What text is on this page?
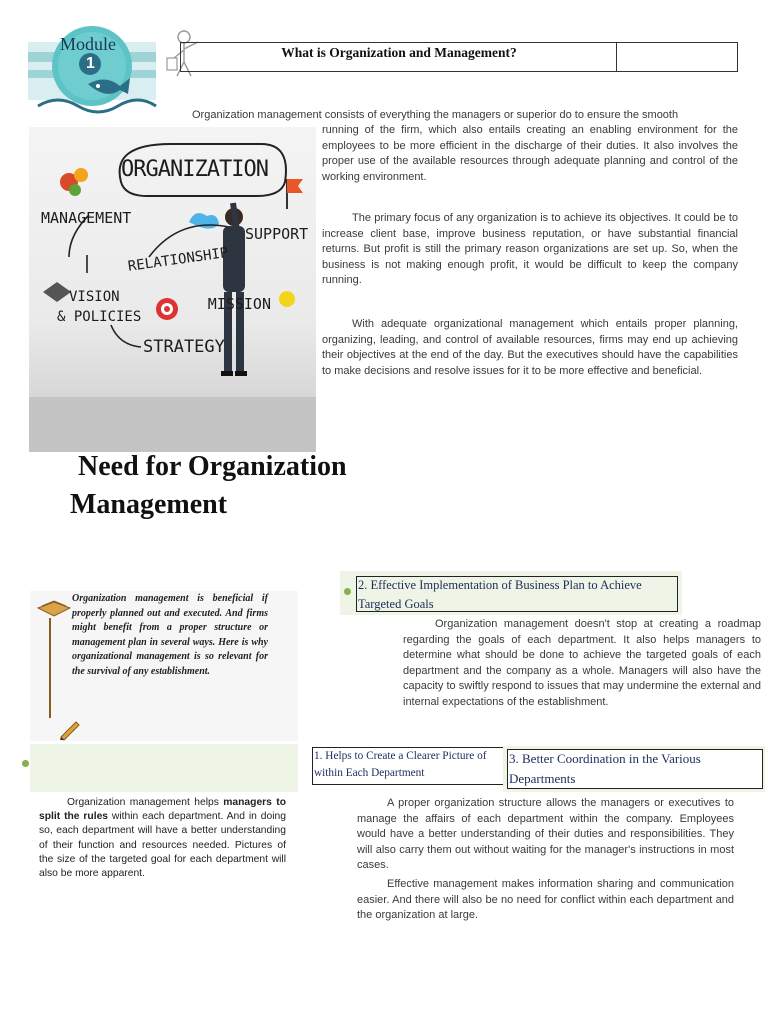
Module
1
What is Organization and Management?

Organization management consists of everything the managers or superior do to ensure the smooth

running of the firm, which also entails creating an enabling environment for the employees to be more efficient in the discharge of their duties. It also involves the proper use of the available resources through adequate planning and control of the working environment.

The primary focus of any organization is to achieve its objectives. It could be to increase client base, improve business reputation, or have substantial financial returns. But profit is still the primary reason organizations are set up. So, when the business is not making enough profit, it would be difficult to keep the company running.

With adequate organizational management which entails proper planning, organizing, leading, and control of available resources, firms may end up achieving their objectives at the end of the day. But the executives should have the capabilities to make decisions and resolve issues for it to be more effective and beneficial.

ORGANIZATION
MANAGEMENT
SUPPORT
RELATIONSHIP
VISION
& POLICIES
STRATEGY
MISSION
Need for Organization
Management

Organization management is beneficial if properly planned out and executed. And firms might benefit from a proper structure or management plan in several ways. Here is why organizational management is so relevant for the survival of any establishment.

Organization management helps managers to split the rules within each department. And in doing so, each department will have a better understanding of their function and resources needed. Pictures of the size of the targeted goal for each department will also be more apparent.

2. Effective Implementation of Business Plan to Achieve Targeted Goals

Organization management doesn't stop at creating a roadmap regarding the goals of each department. It also helps managers to determine what should be done to achieve the targeted goals of each department and the company as a whole. Managers will also have the capacity to swiftly respond to issues that may undermine the external and internal expectations of the establishment.

1. Helps to Create a Clearer Picture of within Each Department
3. Better Coordination in the Various Departments

A proper organization structure allows the managers or executives to manage the affairs of each department within the company. Employees would have a better understanding of their duties and responsibilities. They will also carry them out without waiting for the manager's instructions in most cases.

Effective management makes information sharing and communication easier. And there will also be no need for conflict within each department and the organization at large.
